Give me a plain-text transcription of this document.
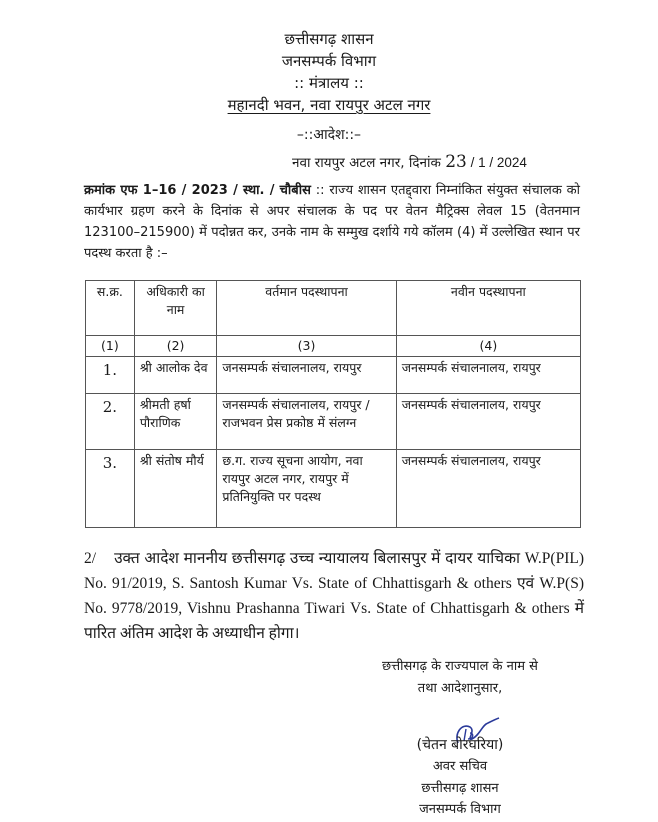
छत्तीसगढ़ शासन
जनसम्पर्क विभाग
:: मंत्रालय ::
महानदी भवन, नवा रायपुर अटल नगर
–::आदेश::–
नवा रायपुर अटल नगर, दिनांक 23 / 1 / 2024
क्रमांक एफ 1–16 / 2023 / स्था. / चौबीस :: राज्य शासन एतद्द्वारा निम्नांकित संयुक्त संचालक को कार्यभार ग्रहण करने के दिनांक से अपर संचालक के पद पर वेतन मैट्रिक्स लेवल 15 (वेतनमान 123100–215900) में पदोन्नत कर, उनके नाम के सम्मुख दर्शाये गये कॉलम (4) में उल्लेखित स्थान पर पदस्थ करता है :–
स.क्र.	अधिकारी का नाम	वर्तमान पदस्थापना	नवीन पदस्थापना
(1)	(2)	(3)	(4)
1.	श्री आलोक देव	जनसम्पर्क संचालनालय, रायपुर	जनसम्पर्क संचालनालय, रायपुर
2.	श्रीमती हर्षा पौराणिक	जनसम्पर्क संचालनालय, रायपुर / राजभवन प्रेस प्रकोष्ठ में संलग्न	जनसम्पर्क संचालनालय, रायपुर
3.	श्री संतोष मौर्य	छ.ग. राज्य सूचना आयोग, नवा रायपुर अटल नगर, रायपुर में प्रतिनियुक्ति पर पदस्थ	जनसम्पर्क संचालनालय, रायपुर
2/ उक्त आदेश माननीय छत्तीसगढ़ उच्च न्यायालय बिलासपुर में दायर याचिका W.P(PIL) No. 91/2019, S. Santosh Kumar Vs. State of Chhattisgarh & others एवं W.P(S) No. 9778/2019, Vishnu Prashanna Tiwari Vs. State of Chhattisgarh & others में पारित अंतिम आदेश के अध्याधीन होगा।
छत्तीसगढ़ के राज्यपाल के नाम से
तथा आदेशानुसार,
(चेतन बोरघरिया)
अवर सचिव
छत्तीसगढ़ शासन
जनसम्पर्क विभाग
